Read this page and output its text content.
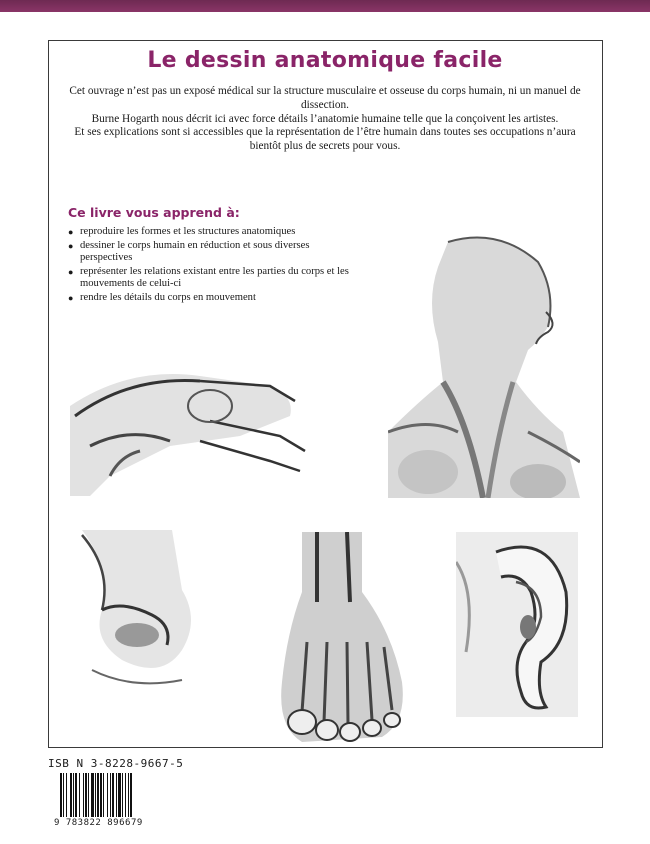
Le dessin anatomique facile

Cet ouvrage n’est pas un exposé médical sur la structure musculaire et osseuse du corps humain, ni un manuel de dissection.

Burne Hogarth nous décrit ici avec force détails l’anatomie humaine telle que la conçoivent les artistes.

Et ses explications sont si accessibles que la représentation de l’être humain dans toutes ses occupations n’aura bientôt plus de secrets pour vous.

Ce livre vous apprend à:
● reproduire les formes et les structures anatomiques
● dessiner le corps humain en réduction et sous diverses perspectives
● représenter les relations existant entre les parties du corps et les mouvements de celui-ci
● rendre les détails du corps en mouvement
ISB N 3-8228-9667-5
9 783822 896679
